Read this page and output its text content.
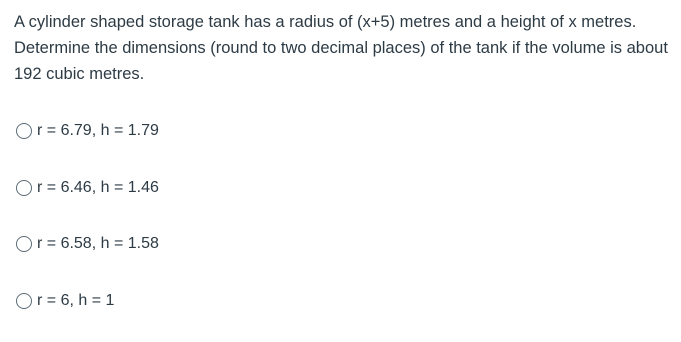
A cylinder shaped storage tank has a radius of (x+5) metres and a height of x metres. Determine the dimensions (round to two decimal places) of the tank if the volume is about 192 cubic metres.

r = 6.79, h = 1.79
r = 6.46, h = 1.46
r = 6.58, h = 1.58
r = 6, h = 1
